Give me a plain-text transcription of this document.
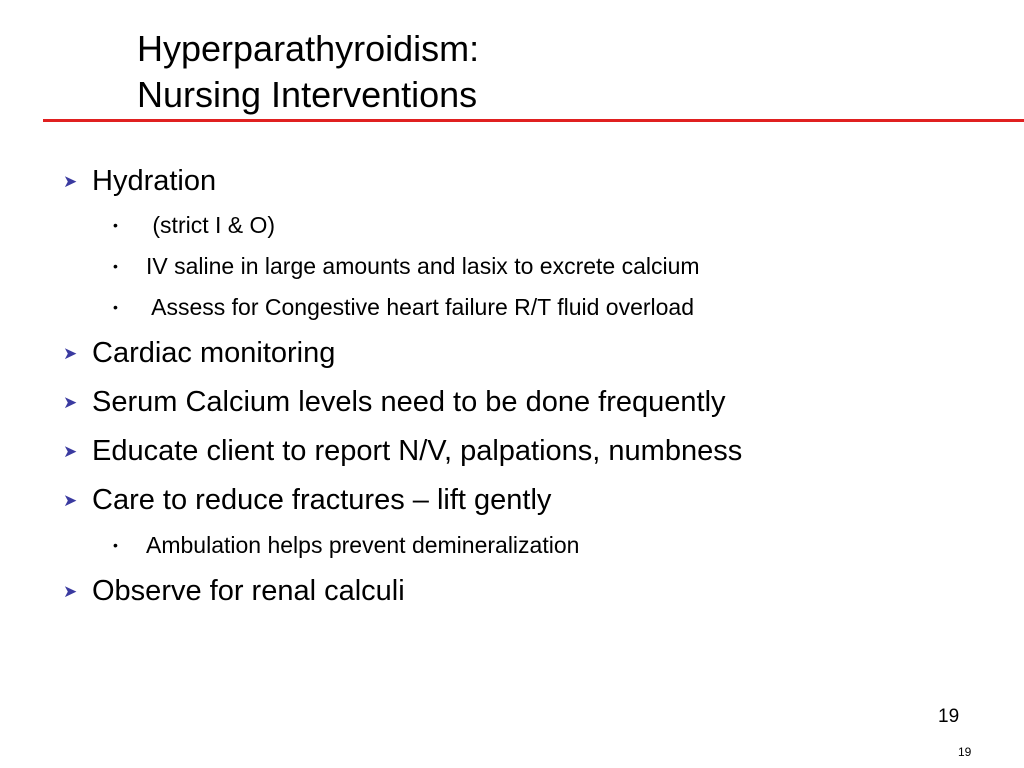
Hyperparathyroidism:
Nursing Interventions
➤ Hydration
• (strict I & O)
• IV saline in large amounts and lasix to excrete calcium
• Assess for Congestive heart failure R/T fluid overload
➤ Cardiac monitoring
➤ Serum Calcium levels need to be done frequently
➤ Educate client to report N/V, palpations, numbness
➤ Care to reduce fractures – lift gently
• Ambulation helps prevent demineralization
➤ Observe for renal calculi
19
19
